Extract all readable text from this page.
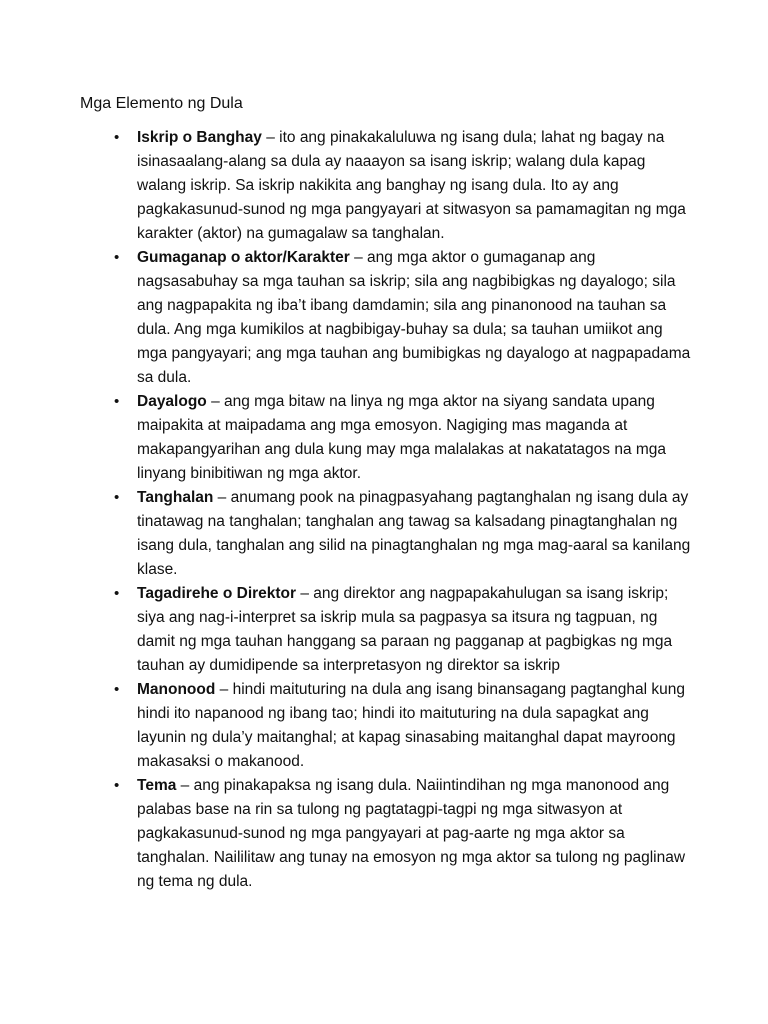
Mga Elemento ng Dula
• Iskrip o Banghay – ito ang pinakakaluluwa ng isang dula; lahat ng bagay na isinasaalang-alang sa dula ay naaayon sa isang iskrip; walang dula kapag walang iskrip. Sa iskrip nakikita ang banghay ng isang dula. Ito ay ang pagkakasunud-sunod ng mga pangyayari at sitwasyon sa pamamagitan ng mga karakter (aktor) na gumagalaw sa tanghalan.
• Gumaganap o aktor/Karakter – ang mga aktor o gumaganap ang nagsasabuhay sa mga tauhan sa iskrip; sila ang nagbibigkas ng dayalogo; sila ang nagpapakita ng iba’t ibang damdamin; sila ang pinanonood na tauhan sa dula. Ang mga kumikilos at nagbibigay-buhay sa dula; sa tauhan umiikot ang mga pangyayari; ang mga tauhan ang bumibigkas ng dayalogo at nagpapadama sa dula.
• Dayalogo – ang mga bitaw na linya ng mga aktor na siyang sandata upang maipakita at maipadama ang mga emosyon. Nagiging mas maganda at makapangyarihan ang dula kung may mga malalakas at nakatatagos na mga linyang binibitiwan ng mga aktor.
• Tanghalan – anumang pook na pinagpasyahang pagtanghalan ng isang dula ay tinatawag na tanghalan; tanghalan ang tawag sa kalsadang pinagtanghalan ng isang dula, tanghalan ang silid na pinagtanghalan ng mga mag-aaral sa kanilang klase.
• Tagadirehe o Direktor – ang direktor ang nagpapakahulugan sa isang iskrip; siya ang nag-i-interpret sa iskrip mula sa pagpasya sa itsura ng tagpuan, ng damit ng mga tauhan hanggang sa paraan ng pagganap at pagbigkas ng mga tauhan ay dumidipende sa interpretasyon ng direktor sa iskrip
• Manonood – hindi maituturing na dula ang isang binansagang pagtanghal kung hindi ito napanood ng ibang tao; hindi ito maituturing na dula sapagkat ang layunin ng dula’y maitanghal; at kapag sinasabing maitanghal dapat mayroong makasaksi o makanood.
• Tema – ang pinakapaksa ng isang dula. Naiintindihan ng mga manonood ang palabas base na rin sa tulong ng pagtatagpi-tagpi ng mga sitwasyon at pagkakasunud-sunod ng mga pangyayari at pag-aarte ng mga aktor sa tanghalan. Naililitaw ang tunay na emosyon ng mga aktor sa tulong ng paglinaw ng tema ng dula.
